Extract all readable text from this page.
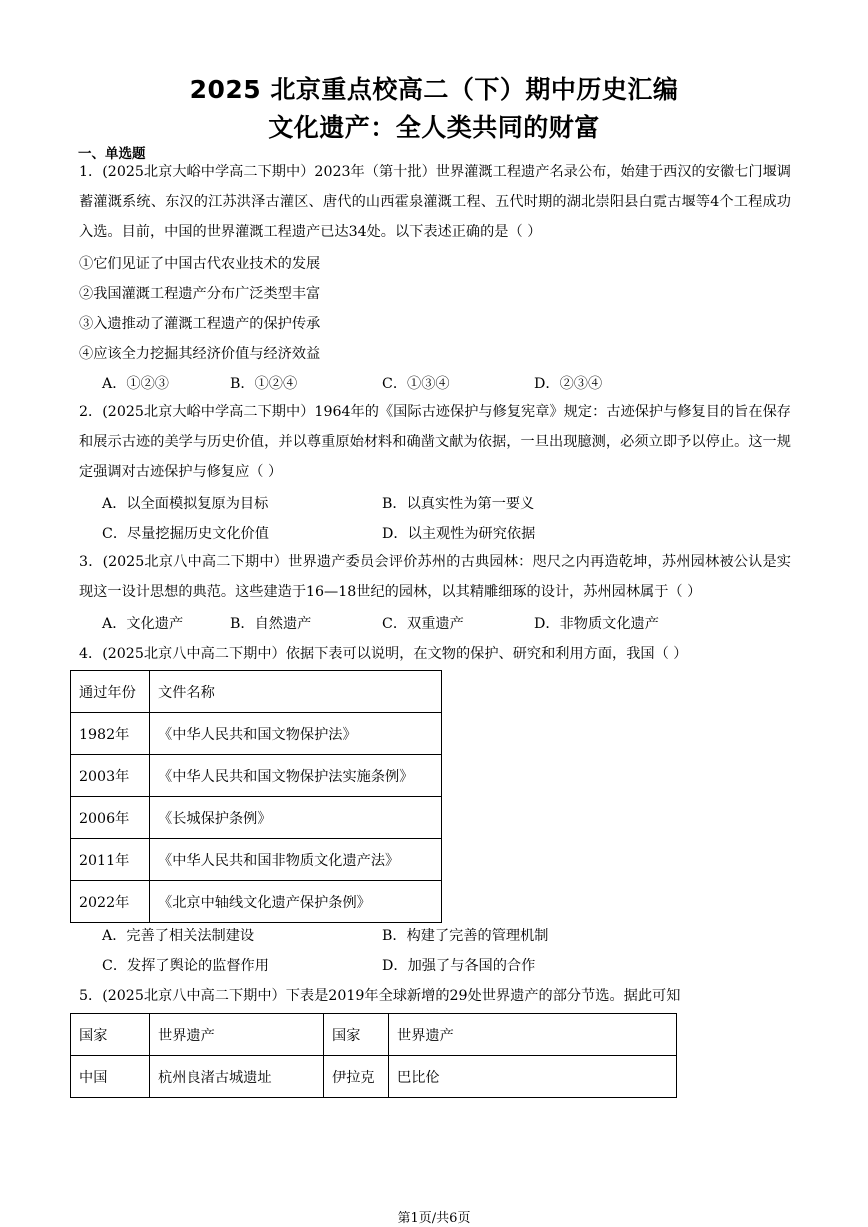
2025 北京重点校高二（下）期中历史汇编
文化遗产：全人类共同的财富
一、单选题
1．(2025北京大峪中学高二下期中）2023年（第十批）世界灌溉工程遗产名录公布，始建于西汉的安徽七门堰调蓄灌溉系统、东汉的江苏洪泽古灌区、唐代的山西霍泉灌溉工程、五代时期的湖北崇阳县白霓古堰等4个工程成功入选。目前，中国的世界灌溉工程遗产已达34处。以下表述正确的是（ ）
①它们见证了中国古代农业技术的发展
②我国灌溉工程遗产分布广泛类型丰富
③入遗推动了灌溉工程遗产的保护传承
④应该全力挖掘其经济价值与经济效益
A．①②③	B．①②④	C．①③④	D．②③④
2．(2025北京大峪中学高二下期中）1964年的《国际古迹保护与修复宪章》规定：古迹保护与修复目的旨在保存和展示古迹的美学与历史价值，并以尊重原始材料和确凿文献为依据，一旦出现臆测，必须立即予以停止。这一规定强调对古迹保护与修复应（ ）
A．以全面模拟复原为目标	B．以真实性为第一要义
C．尽量挖掘历史文化价值	D．以主观性为研究依据
3．(2025北京八中高二下期中）世界遗产委员会评价苏州的古典园林：咫尺之内再造乾坤，苏州园林被公认是实现这一设计思想的典范。这些建造于16—18世纪的园林，以其精雕细琢的设计，苏州园林属于（ ）
A．文化遗产	B．自然遗产	C．双重遗产	D．非物质文化遗产
4．(2025北京八中高二下期中）依据下表可以说明，在文物的保护、研究和利用方面，我国（ ）
通过年份	文件名称
1982年	《中华人民共和国文物保护法》
2003年	《中华人民共和国文物保护法实施条例》
2006年	《长城保护条例》
2011年	《中华人民共和国非物质文化遗产法》
2022年	《北京中轴线文化遗产保护条例》
A．完善了相关法制建设	B．构建了完善的管理机制
C．发挥了舆论的监督作用	D．加强了与各国的合作
5．(2025北京八中高二下期中）下表是2019年全球新增的29处世界遗产的部分节选。据此可知
国家	世界遗产	国家	世界遗产
中国	杭州良渚古城遗址	伊拉克	巴比伦
第1页/共6页
